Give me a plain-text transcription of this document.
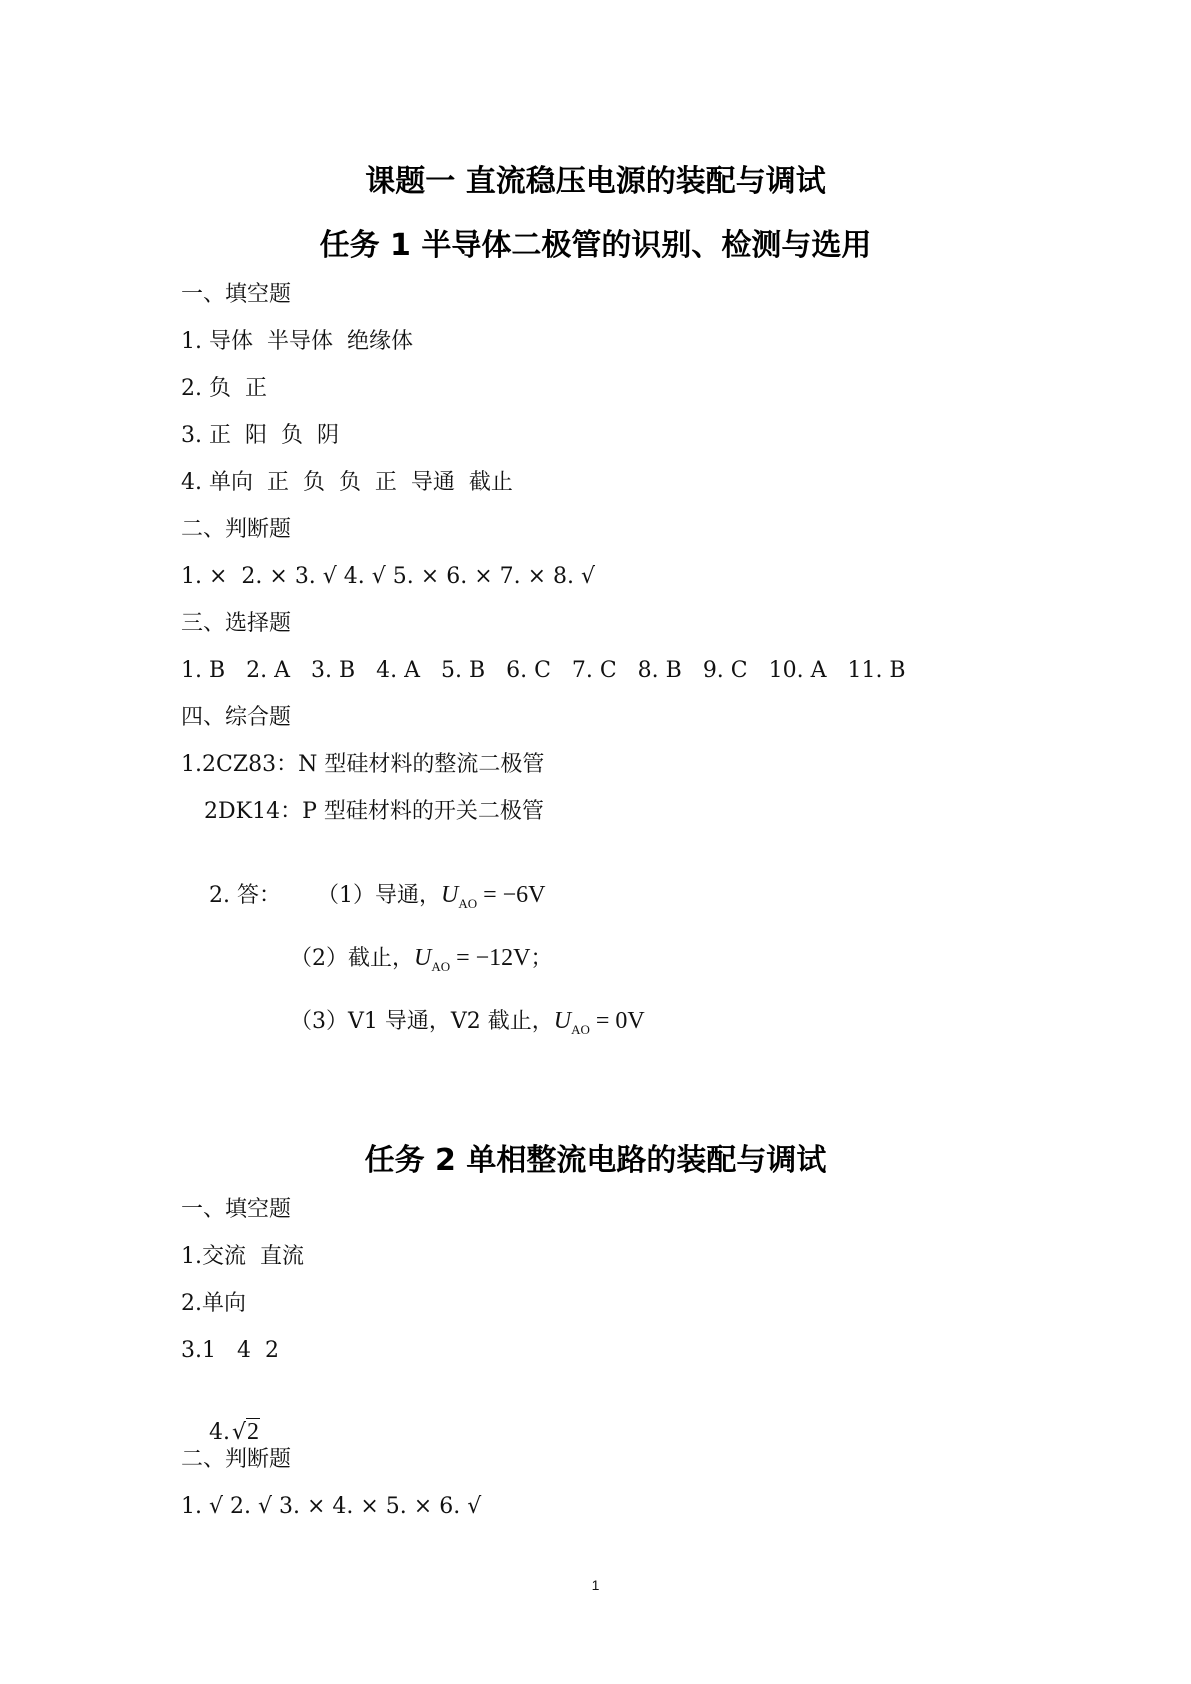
课题一 直流稳压电源的装配与调试
任务 1 半导体二极管的识别、检测与选用
一、填空题
1. 导体  半导体  绝缘体
2. 负  正
3. 正  阳  负  阴
4. 单向  正  负  负  正  导通  截止
二、判断题
1. ×  2. × 3. √ 4. √ 5. × 6. × 7. × 8. √
三、选择题
1. B   2. A   3. B   4. A   5. B   6. C   7. C   8. B   9. C   10. A   11. B
四、综合题
1.2CZ83：N 型硅材料的整流二极管
2DK14：P 型硅材料的开关二极管

2. 答： （1）导通，$U_{AO} = -6V$

（2）截止，$U_{AO} = -12V$；

（3）V1 导通，V2 截止，$U_{AO} = 0V$

任务 2 单相整流电路的装配与调试
一、填空题
1.交流  直流
2.单向
3.1   4  2

4.√2

二、判断题
1. √ 2. √ 3. × 4. × 5. × 6. √
1
